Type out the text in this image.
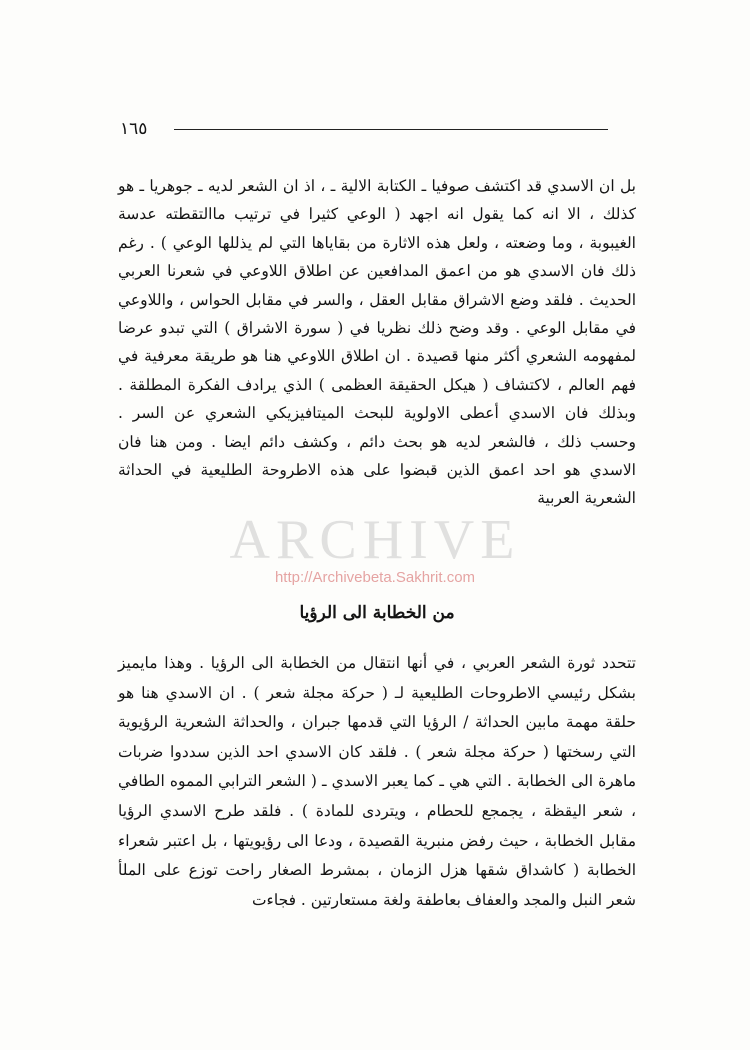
١٦٥

بل ان الاسدي قد اكتشف صوفيا ـ الكتابة الالية ـ ، اذ ان الشعر لديه ـ جوهريا ـ هو كذلك ، الا انه كما يقول انه اجهد ( الوعي كثيرا في ترتيب ماالتقطته عدسة الغيبوبة ، وما وضعته ، ولعل هذه الاثارة من بقاياها التي لم يذللها الوعي ) . رغم ذلك فان الاسدي هو من اعمق المدافعين عن اطلاق اللاوعي في شعرنا العربي الحديث . فلقد وضع الاشراق مقابل العقل ، والسر في مقابل الحواس ، واللاوعي في مقابل الوعي . وقد وضح ذلك نظريا في ( سورة الاشراق ) التي تبدو عرضا لمفهومه الشعري أكثر منها قصيدة . ان اطلاق اللاوعي هنا هو طريقة معرفية في فهم العالم ، لاكتشاف ( هيكل الحقيقة العظمى ) الذي يرادف الفكرة المطلقة . وبذلك فان الاسدي أعطى الاولوية للبحث الميتافيزيكي الشعري عن السر . وحسب ذلك ، فالشعر لديه هو بحث دائم ، وكشف دائم ايضا . ومن هنا فان الاسدي هو احد اعمق الذين قبضوا على هذه الاطروحة الطليعية في الحداثة الشعرية العربية

ARCHIVE
http://Archivebeta.Sakhrit.com
من الخطابة الى الرؤيا

تتحدد ثورة الشعر العربي ، في أنها انتقال من الخطابة الى الرؤيا . وهذا مايميز بشكل رئيسي الاطروحات الطليعية لـ ( حركة مجلة شعر ) . ان الاسدي هنا هو حلقة مهمة مابين الحداثة / الرؤيا التي قدمها جبران ، والحداثة الشعرية الرؤيوية التي رسختها ( حركة مجلة شعر ) . فلقد كان الاسدي احد الذين سددوا ضربات ماهرة الى الخطابة . التي هي ـ كما يعبر الاسدي ـ ( الشعر الترابي المموه الطافي ، شعر اليقظة ، يجمجع للحطام ، ويتردى للمادة ) . فلقد طرح الاسدي الرؤيا مقابل الخطابة ، حيث رفض منبرية القصيدة ، ودعا الى رؤيويتها ، بل اعتبر شعراء الخطابة ( كاشداق شقها هزل الزمان ، بمشرط الصغار راحت توزع على الملأ شعر النبل والمجد والعفاف بعاطفة ولغة مستعارتين . فجاءت
